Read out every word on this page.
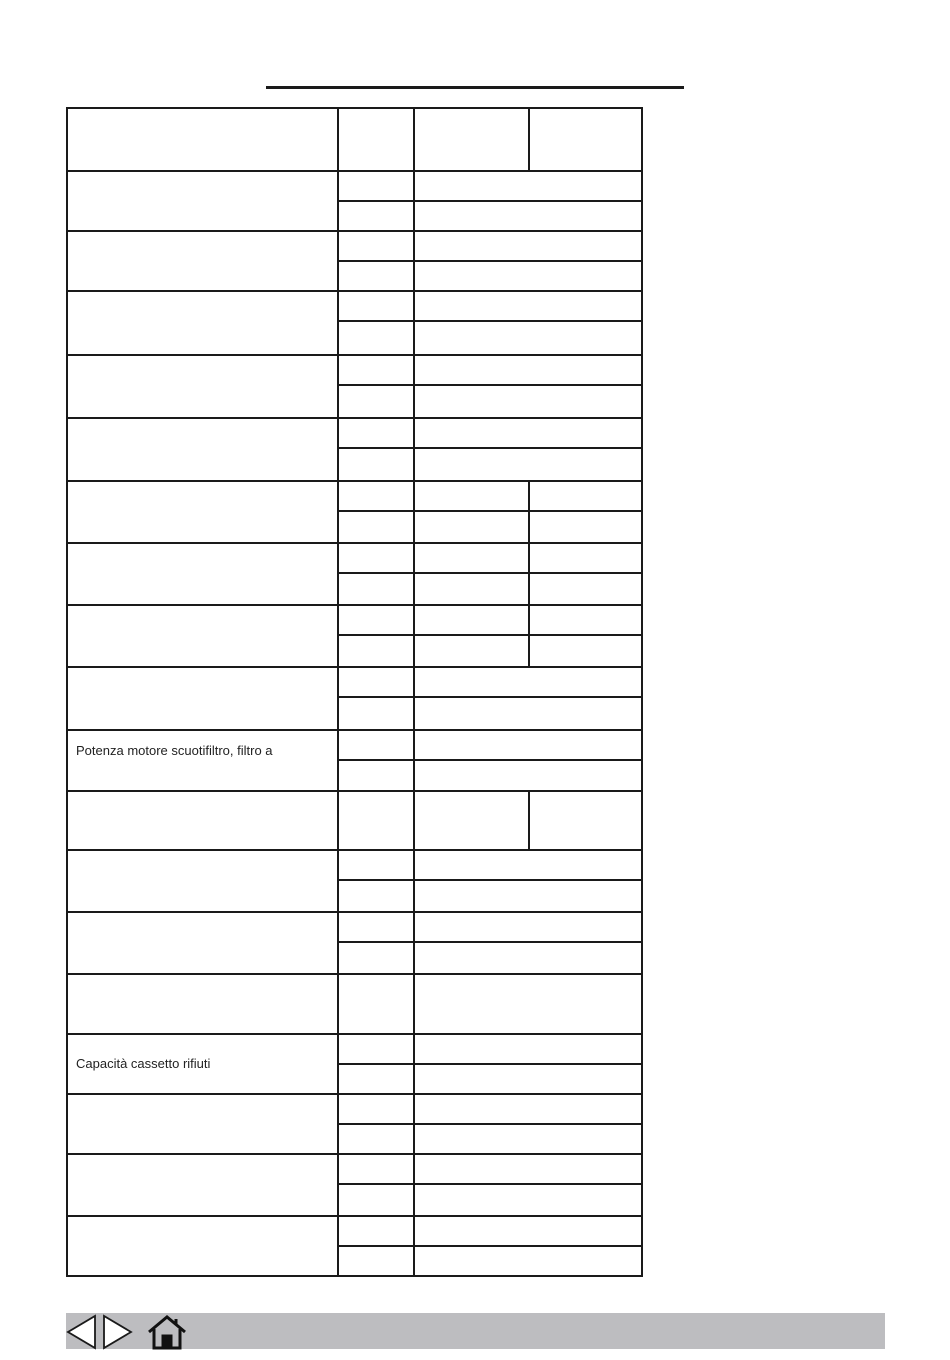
Potenza motore scuotifiltro, filtro a
Capacità cassetto rifiuti
